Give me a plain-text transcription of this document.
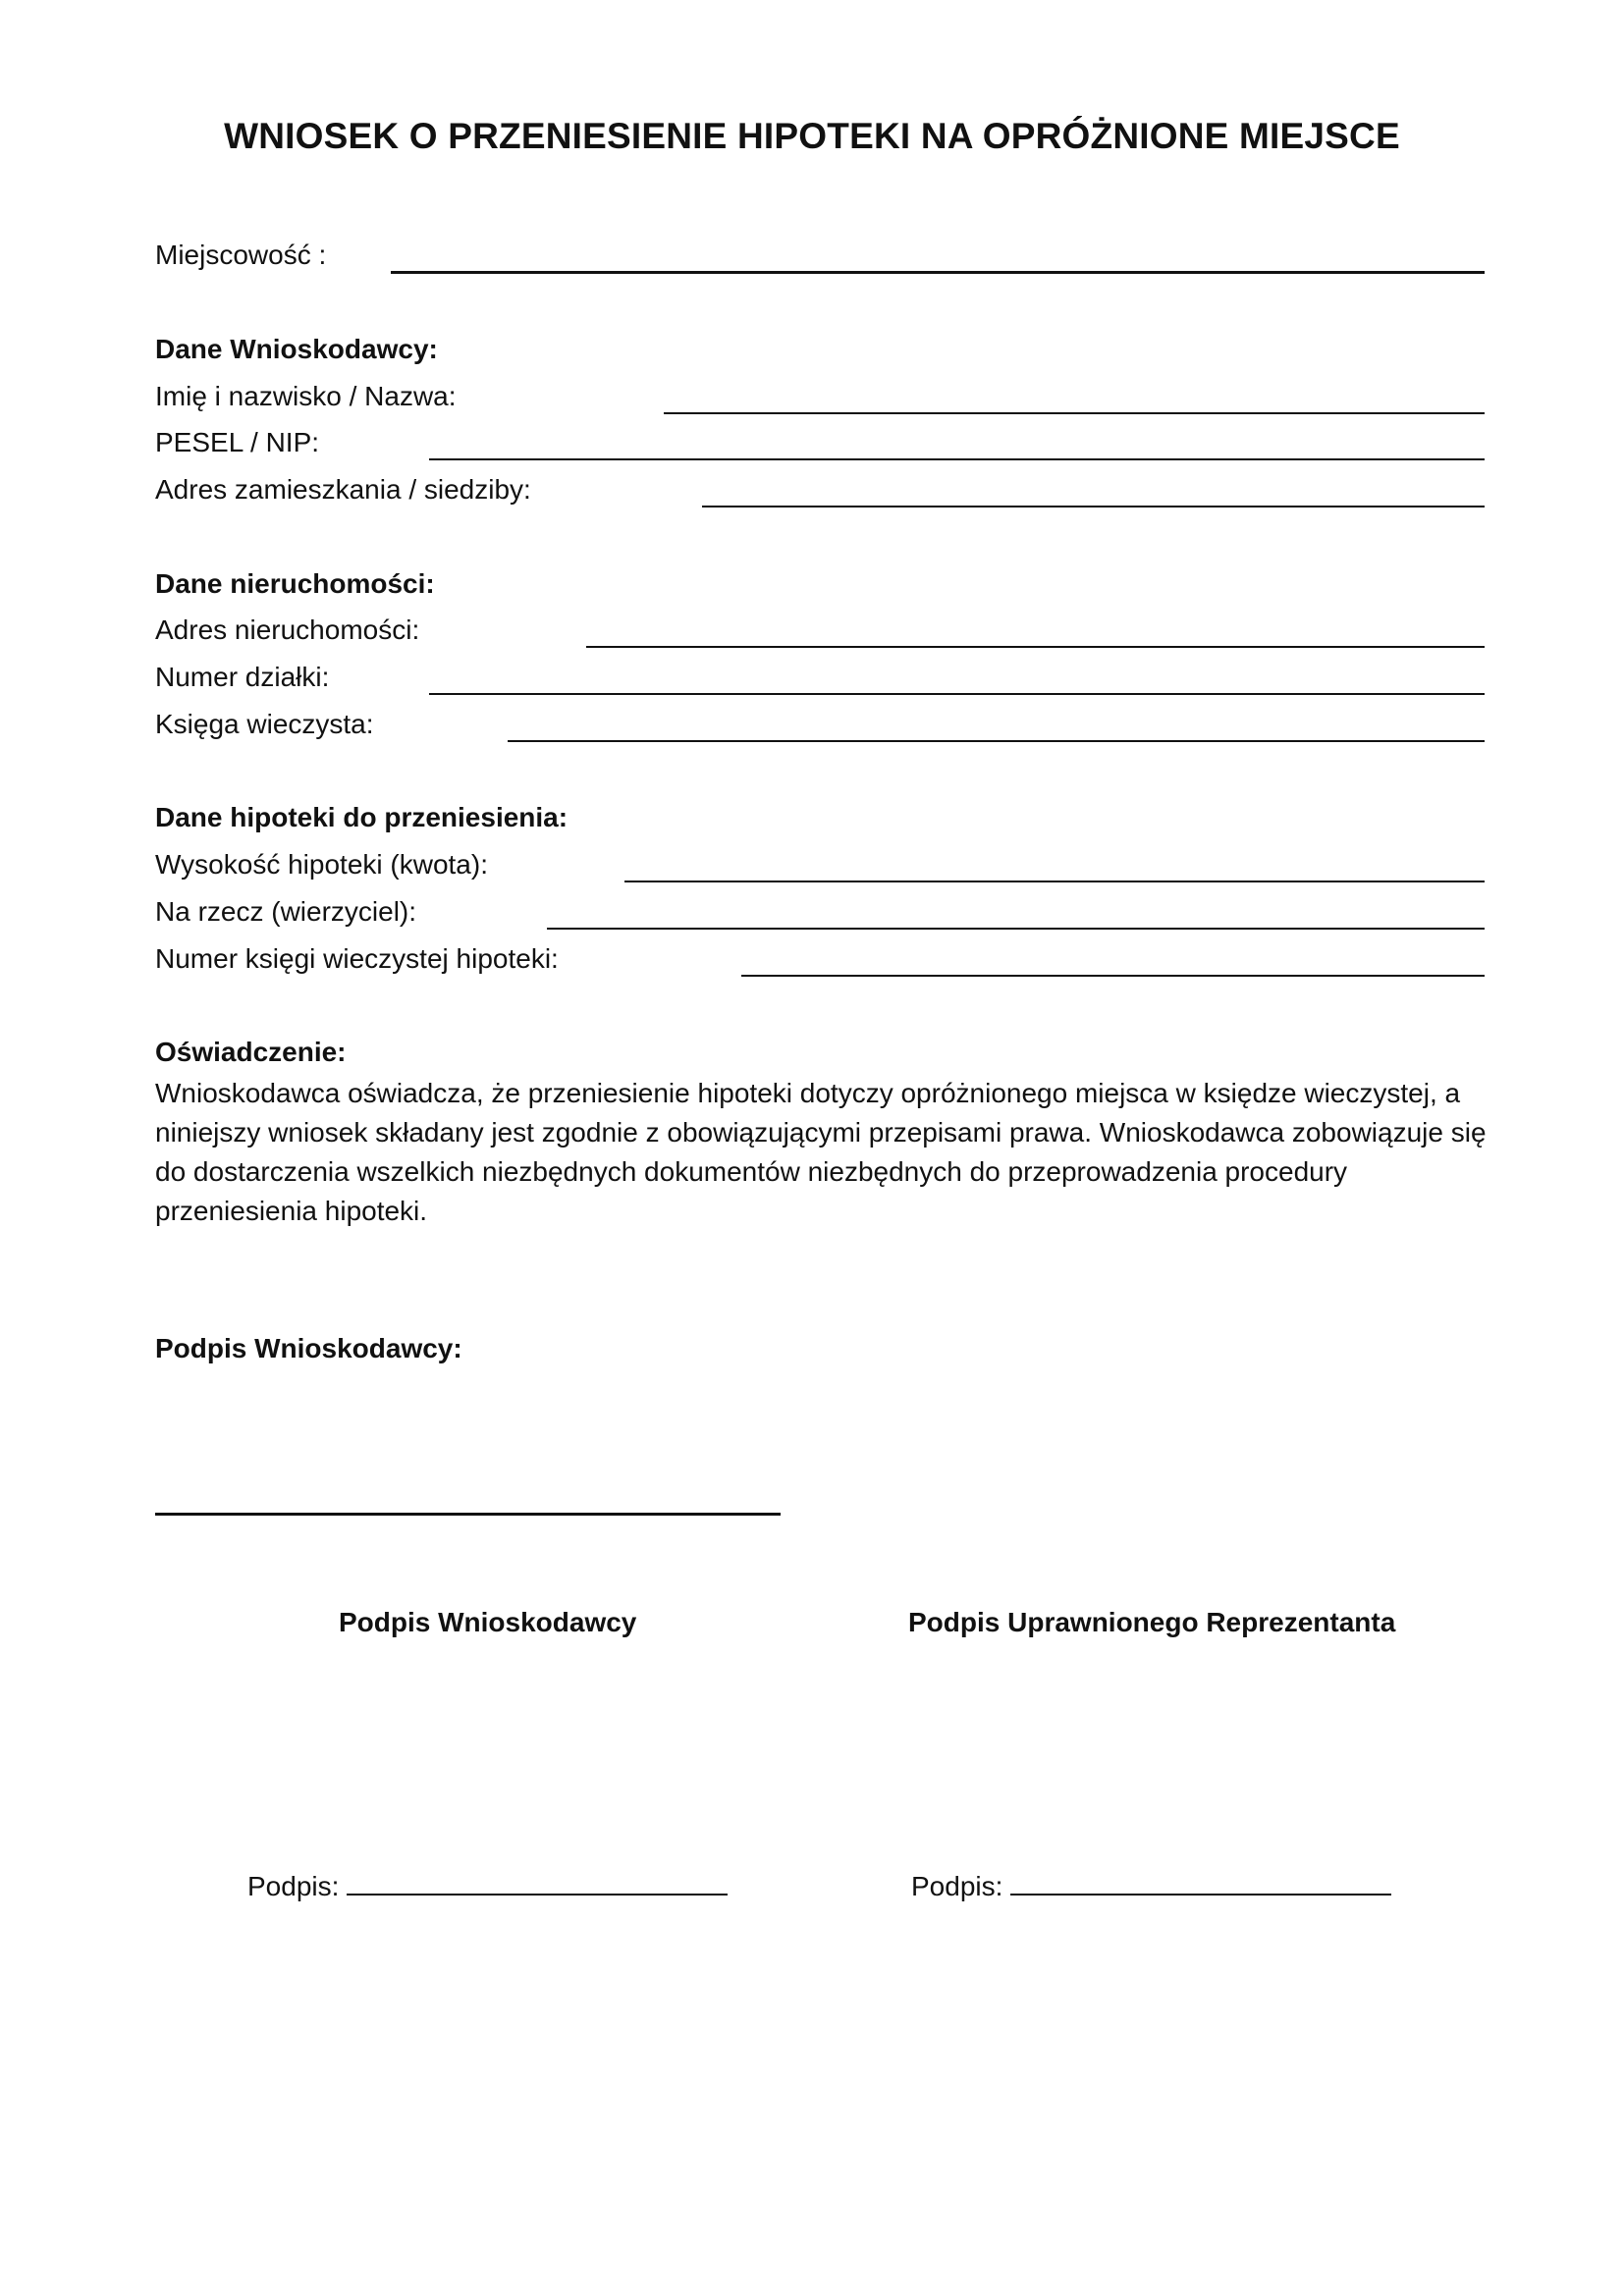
WNIOSEK O PRZENIESIENIE HIPOTEKI NA OPRÓŻNIONE MIEJSCE
Miejscowość :
Dane Wnioskodawcy:
Imię i nazwisko / Nazwa:
PESEL / NIP:
Adres zamieszkania / siedziby:
Dane nieruchomości:
Adres nieruchomości:
Numer działki:
Księga wieczysta:
Dane hipoteki do przeniesienia:
Wysokość hipoteki (kwota):
Na rzecz (wierzyciel):
Numer księgi wieczystej hipoteki:
Oświadczenie:
Wnioskodawca oświadcza, że przeniesienie hipoteki dotyczy opróżnionego miejsca w księdze wieczystej, a niniejszy wniosek składany jest zgodnie z obowiązującymi przepisami prawa. Wnioskodawca zobowiązuje się do dostarczenia wszelkich niezbędnych dokumentów niezbędnych do przeprowadzenia procedury przeniesienia hipoteki.
Podpis Wnioskodawcy:
Podpis Wnioskodawcy	Podpis Uprawnionego Reprezentanta
Podpis:	Podpis:
